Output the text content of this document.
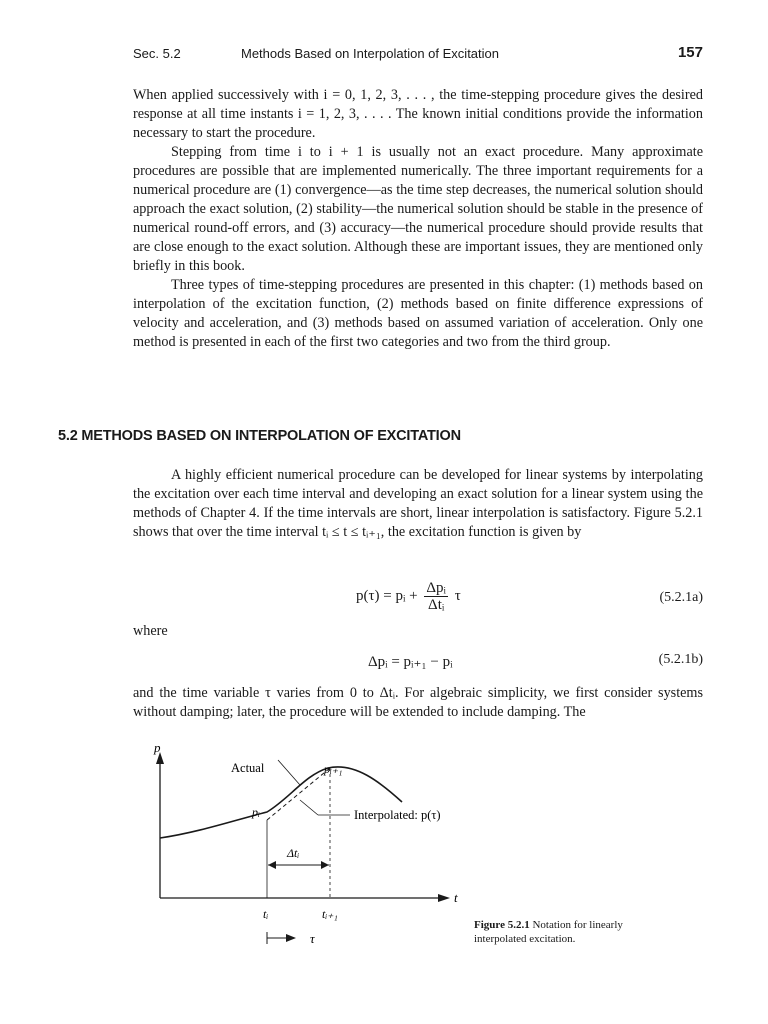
Sec. 5.2	Methods Based on Interpolation of Excitation	157

When applied successively with i = 0, 1, 2, 3, . . . , the time-stepping procedure gives the desired response at all time instants i = 1, 2, 3, . . . . The known initial conditions provide the information necessary to start the procedure.

Stepping from time i to i + 1 is usually not an exact procedure. Many approximate procedures are possible that are implemented numerically. The three important requirements for a numerical procedure are (1) convergence—as the time step decreases, the numerical solution should approach the exact solution, (2) stability—the numerical solution should be stable in the presence of numerical round-off errors, and (3) accuracy—the numerical procedure should provide results that are close enough to the exact solution. Although these are important issues, they are mentioned only briefly in this book.

Three types of time-stepping procedures are presented in this chapter: (1) methods based on interpolation of the excitation function, (2) methods based on finite difference expressions of velocity and acceleration, and (3) methods based on assumed variation of acceleration. Only one method is presented in each of the first two categories and two from the third group.

5.2 METHODS BASED ON INTERPOLATION OF EXCITATION

A highly efficient numerical procedure can be developed for linear systems by interpolating the excitation over each time interval and developing an exact solution for a linear system using the methods of Chapter 4. If the time intervals are short, linear interpolation is satisfactory. Figure 5.2.1 shows that over the time interval tᵢ ≤ t ≤ tᵢ₊₁, the excitation function is given by

p(τ) = pᵢ + $\frac{\text{Δpᵢ}}{\text{Δtᵢ}}$ τ	(5.2.1a)
where
Δpᵢ = pᵢ₊₁ − pᵢ	(5.2.1b)

and the time variable τ varies from 0 to Δtᵢ. For algebraic simplicity, we first consider systems without damping; later, the procedure will be extended to include damping. The

p
t
Actual	pᵢ₊₁
pᵢ	Interpolated: p(τ)
Δtᵢ
tᵢ	tᵢ₊₁
τ
Figure 5.2.1 Notation for linearly interpolated excitation.
